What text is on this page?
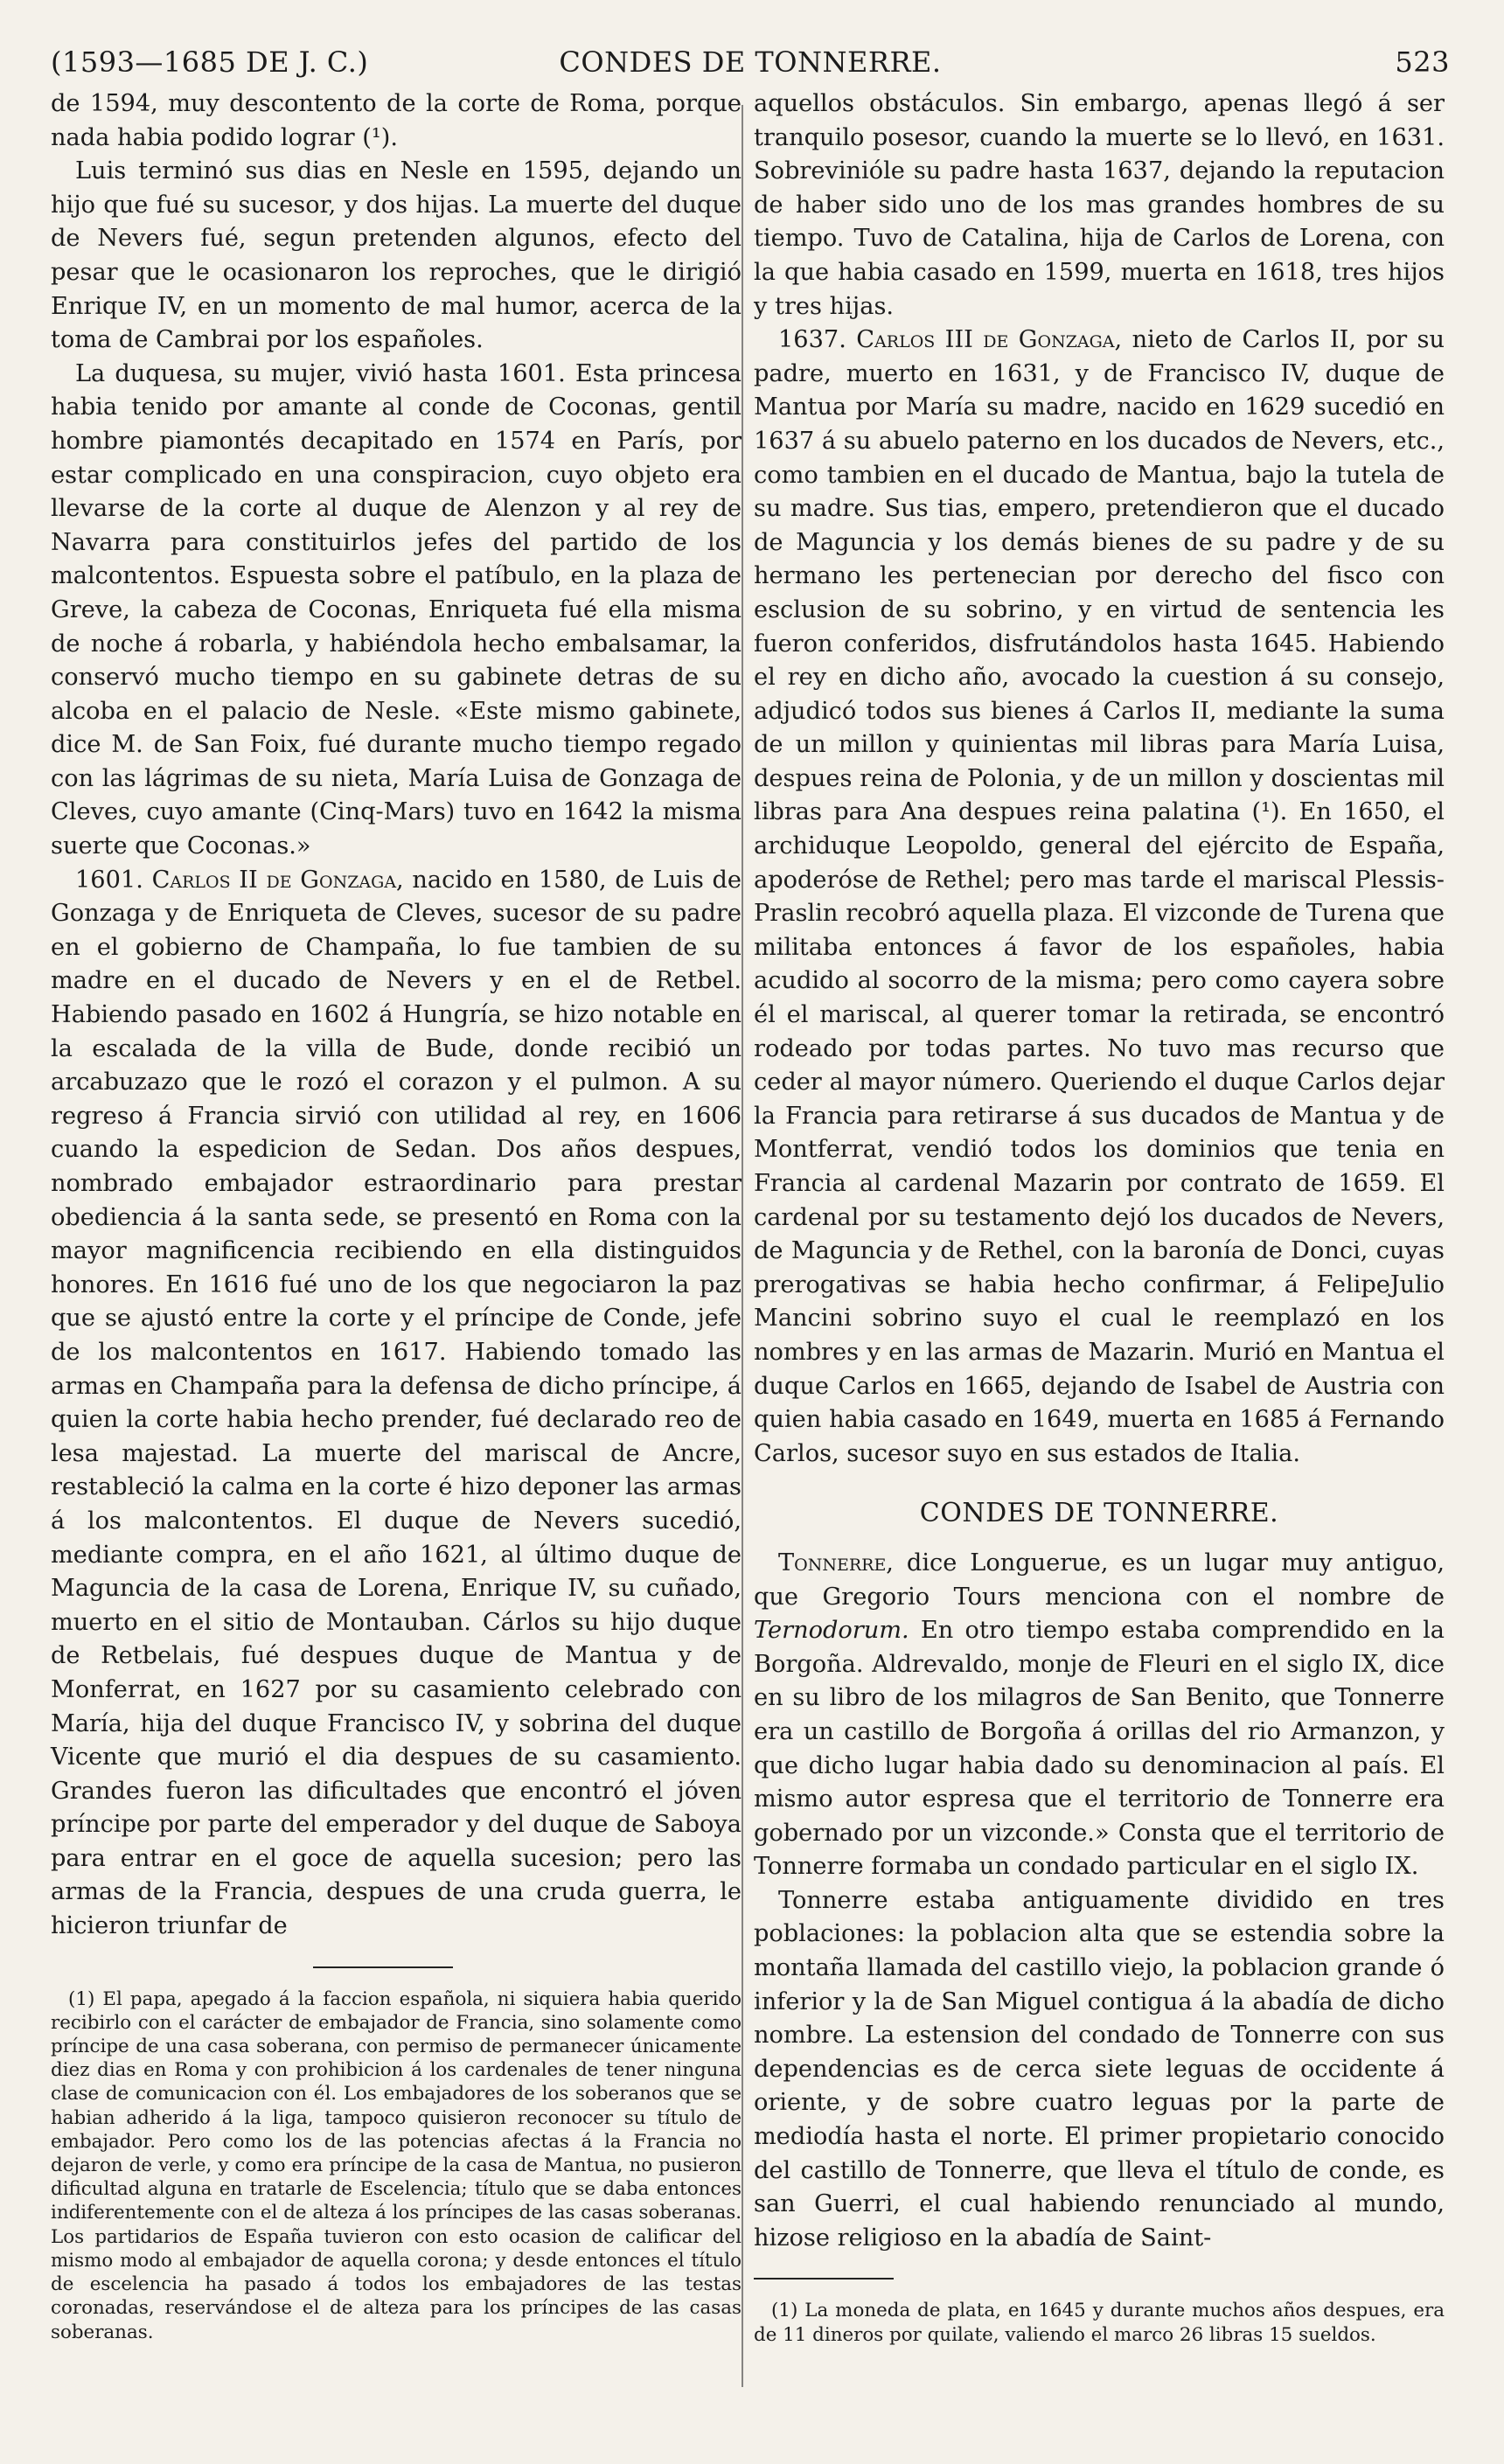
(1593—1685 DE J. C.)	CONDES DE TONNERRE.	523

de 1594, muy descontento de la corte de Roma, porque nada habia podido lograr (¹).

Luis terminó sus dias en Nesle en 1595, dejando un hijo que fué su sucesor, y dos hijas. La muerte del duque de Nevers fué, segun pretenden algunos, efecto del pesar que le ocasionaron los reproches, que le dirigió Enrique IV, en un momento de mal humor, acerca de la toma de Cambrai por los españoles.

La duquesa, su mujer, vivió hasta 1601. Esta princesa habia tenido por amante al conde de Coconas, gentil hombre piamontés decapitado en 1574 en París, por estar complicado en una conspiracion, cuyo objeto era llevarse de la corte al duque de Alenzon y al rey de Navarra para constituirlos jefes del partido de los malcontentos. Espuesta sobre el patíbulo, en la plaza de Greve, la cabeza de Coconas, Enriqueta fué ella misma de noche á robarla, y habiéndola hecho embalsamar, la conservó mucho tiempo en su gabinete detras de su alcoba en el palacio de Nesle. «Este mismo gabinete, dice M. de San Foix, fué durante mucho tiempo regado con las lágrimas de su nieta, María Luisa de Gonzaga de Cleves, cuyo amante (Cinq-Mars) tuvo en 1642 la misma suerte que Coconas.»

1601. Carlos II de Gonzaga, nacido en 1580, de Luis de Gonzaga y de Enriqueta de Cleves, sucesor de su padre en el gobierno de Champaña, lo fue tambien de su madre en el ducado de Nevers y en el de Retbel. Habiendo pasado en 1602 á Hungría, se hizo notable en la escalada de la villa de Bude, donde recibió un arcabuzazo que le rozó el corazon y el pulmon. A su regreso á Francia sirvió con utilidad al rey, en 1606 cuando la espedicion de Sedan. Dos años despues, nombrado embajador estraordinario para prestar obediencia á la santa sede, se presentó en Roma con la mayor magnificencia recibiendo en ella distinguidos honores. En 1616 fué uno de los que negociaron la paz que se ajustó entre la corte y el príncipe de Conde, jefe de los malcontentos en 1617. Habiendo tomado las armas en Champaña para la defensa de dicho príncipe, á quien la corte habia hecho prender, fué declarado reo de lesa majestad. La muerte del mariscal de Ancre, restableció la calma en la corte é hizo deponer las armas á los malcontentos. El duque de Nevers sucedió, mediante compra, en el año 1621, al último duque de Maguncia de la casa de Lorena, Enrique IV, su cuñado, muerto en el sitio de Montauban. Cárlos su hijo duque de Retbelais, fué despues duque de Mantua y de Monferrat, en 1627 por su casamiento celebrado con María, hija del duque Francisco IV, y sobrina del duque Vicente que murió el dia despues de su casamiento. Grandes fueron las dificultades que encontró el jóven príncipe por parte del emperador y del duque de Saboya para entrar en el goce de aquella sucesion; pero las armas de la Francia, despues de una cruda guerra, le hicieron triunfar de

(1) El papa, apegado á la faccion española, ni siquiera habia querido recibirlo con el carácter de embajador de Francia, sino solamente como príncipe de una casa soberana, con permiso de permanecer únicamente diez dias en Roma y con prohibicion á los cardenales de tener ninguna clase de comunicacion con él. Los embajadores de los soberanos que se habian adherido á la liga, tampoco quisieron reconocer su título de embajador. Pero como los de las potencias afectas á la Francia no dejaron de verle, y como era príncipe de la casa de Mantua, no pusieron dificultad alguna en tratarle de Escelencia; título que se daba entonces indiferentemente con el de alteza á los príncipes de las casas soberanas. Los partidarios de España tuvieron con esto ocasion de calificar del mismo modo al embajador de aquella corona; y desde entonces el título de escelencia ha pasado á todos los embajadores de las testas coronadas, reservándose el de alteza para los príncipes de las casas soberanas.

aquellos obstáculos. Sin embargo, apenas llegó á ser tranquilo posesor, cuando la muerte se lo llevó, en 1631. Sobrevinióle su padre hasta 1637, dejando la reputacion de haber sido uno de los mas grandes hombres de su tiempo. Tuvo de Catalina, hija de Carlos de Lorena, con la que habia casado en 1599, muerta en 1618, tres hijos y tres hijas.

1637. Carlos III de Gonzaga, nieto de Carlos II, por su padre, muerto en 1631, y de Francisco IV, duque de Mantua por María su madre, nacido en 1629 sucedió en 1637 á su abuelo paterno en los ducados de Nevers, etc., como tambien en el ducado de Mantua, bajo la tutela de su madre. Sus tias, empero, pretendieron que el ducado de Maguncia y los demás bienes de su padre y de su hermano les pertenecian por derecho del fisco con esclusion de su sobrino, y en virtud de sentencia les fueron conferidos, disfrutándolos hasta 1645. Habiendo el rey en dicho año, avocado la cuestion á su consejo, adjudicó todos sus bienes á Carlos II, mediante la suma de un millon y quinientas mil libras para María Luisa, despues reina de Polonia, y de un millon y doscientas mil libras para Ana despues reina palatina (¹). En 1650, el archiduque Leopoldo, general del ejército de España, apoderóse de Rethel; pero mas tarde el mariscal Plessis-Praslin recobró aquella plaza. El vizconde de Turena que militaba entonces á favor de los españoles, habia acudido al socorro de la misma; pero como cayera sobre él el mariscal, al querer tomar la retirada, se encontró rodeado por todas partes. No tuvo mas recurso que ceder al mayor número. Queriendo el duque Carlos dejar la Francia para retirarse á sus ducados de Mantua y de Montferrat, vendió todos los dominios que tenia en Francia al cardenal Mazarin por contrato de 1659. El cardenal por su testamento dejó los ducados de Nevers, de Maguncia y de Rethel, con la baronía de Donci, cuyas prerogativas se habia hecho confirmar, á FelipeJulio Mancini sobrino suyo el cual le reemplazó en los nombres y en las armas de Mazarin. Murió en Mantua el duque Carlos en 1665, dejando de Isabel de Austria con quien habia casado en 1649, muerta en 1685 á Fernando Carlos, sucesor suyo en sus estados de Italia.

CONDES DE TONNERRE.

Tonnerre, dice Longuerue, es un lugar muy antiguo, que Gregorio Tours menciona con el nombre de Ternodorum. En otro tiempo estaba comprendido en la Borgoña. Aldrevaldo, monje de Fleuri en el siglo IX, dice en su libro de los milagros de San Benito, que Tonnerre era un castillo de Borgoña á orillas del rio Armanzon, y que dicho lugar habia dado su denominacion al país. El mismo autor espresa que el territorio de Tonnerre era gobernado por un vizconde.» Consta que el territorio de Tonnerre formaba un condado particular en el siglo IX.

Tonnerre estaba antiguamente dividido en tres poblaciones: la poblacion alta que se estendia sobre la montaña llamada del castillo viejo, la poblacion grande ó inferior y la de San Miguel contigua á la abadía de dicho nombre. La estension del condado de Tonnerre con sus dependencias es de cerca siete leguas de occidente á oriente, y de sobre cuatro leguas por la parte de mediodía hasta el norte. El primer propietario conocido del castillo de Tonnerre, que lleva el título de conde, es san Guerri, el cual habiendo renunciado al mundo, hizose religioso en la abadía de Saint-

(1) La moneda de plata, en 1645 y durante muchos años despues, era de 11 dineros por quilate, valiendo el marco 26 libras 15 sueldos.
